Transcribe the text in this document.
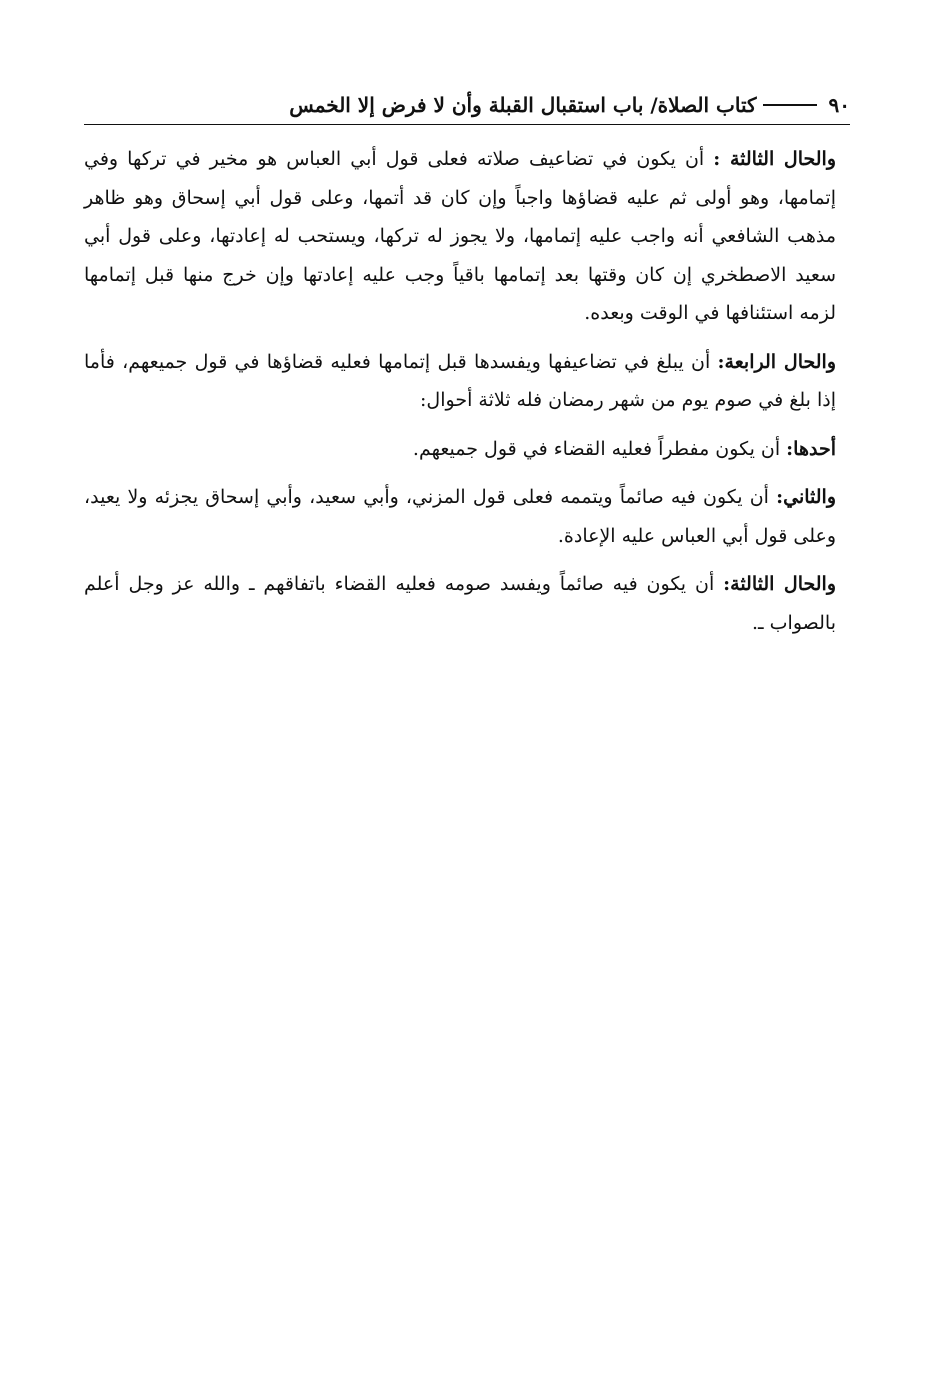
٩٠
كتاب الصلاة/ باب استقبال القبلة وأن لا فرض إلا الخمس

والحال الثالثة : أن يكون في تضاعيف صلاته فعلى قول أبي العباس هو مخير في تركها وفي إتمامها، وهو أولى ثم عليه قضاؤها واجباً وإن كان قد أتمها، وعلى قول أبي إسحاق وهو ظاهر مذهب الشافعي أنه واجب عليه إتمامها، ولا يجوز له تركها، ويستحب له إعادتها، وعلى قول أبي سعيد الاصطخري إن كان وقتها بعد إتمامها باقياً وجب عليه إعادتها وإن خرج منها قبل إتمامها لزمه استئنافها في الوقت وبعده.

والحال الرابعة: أن يبلغ في تضاعيفها ويفسدها قبل إتمامها فعليه قضاؤها في قول جميعهم، فأما إذا بلغ في صوم يوم من شهر رمضان فله ثلاثة أحوال:

أحدها: أن يكون مفطراً فعليه القضاء في قول جميعهم.

والثاني: أن يكون فيه صائماً ويتممه فعلى قول المزني، وأبي سعيد، وأبي إسحاق يجزئه ولا يعيد، وعلى قول أبي العباس عليه الإعادة.

والحال الثالثة: أن يكون فيه صائماً ويفسد صومه فعليه القضاء باتفاقهم ـ والله عز وجل أعلم بالصواب ـ.
